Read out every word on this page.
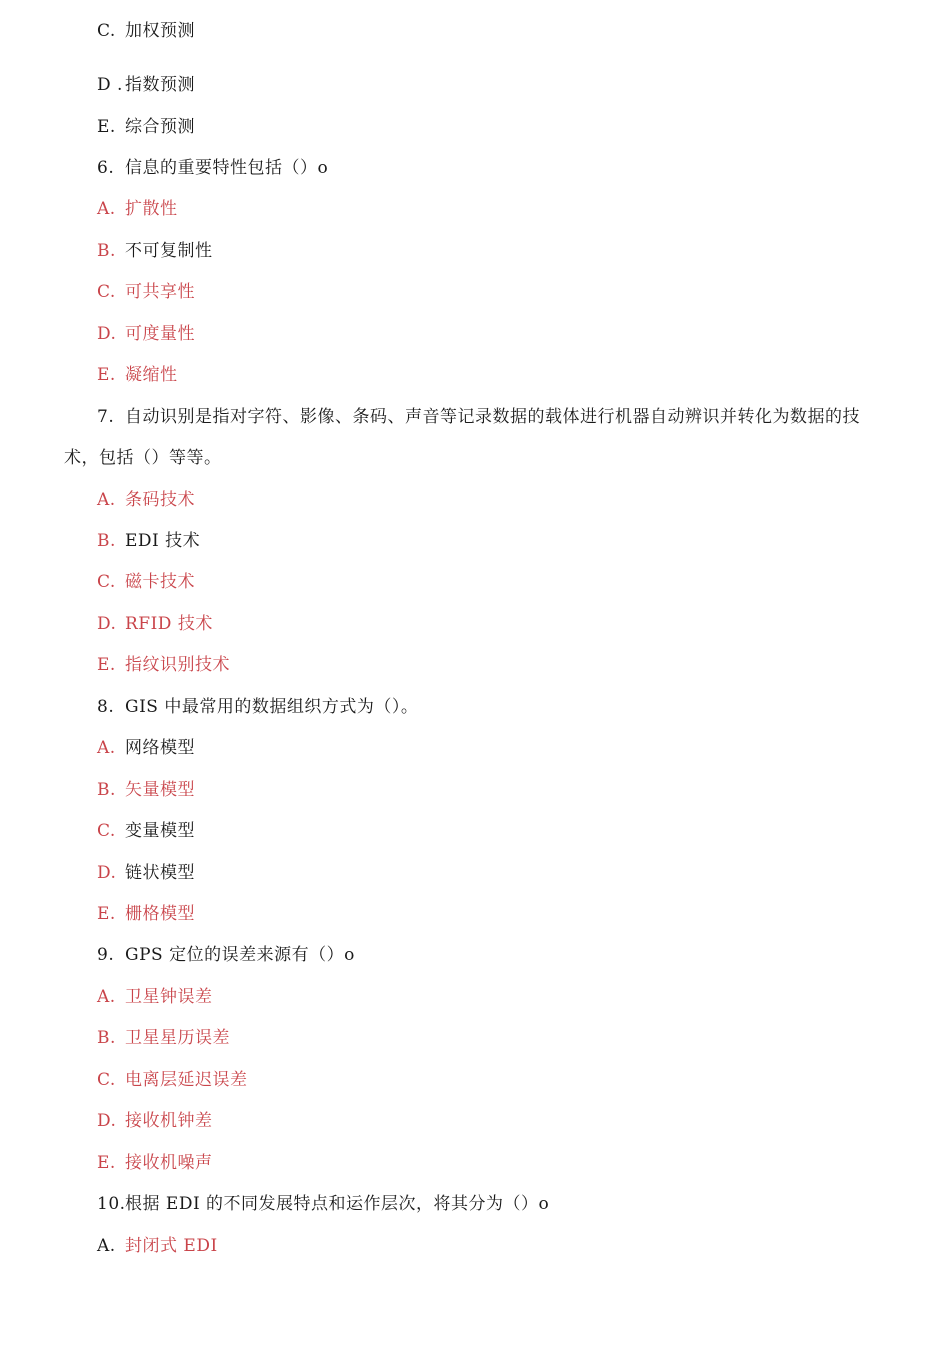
C. 加权预测
D . 指数预测
E. 综合预测
6. 信息的重要特性包括（）o
A. 扩散性
B. 不可复制性
C. 可共享性
D. 可度量性
E. 凝缩性
7. 自动识别是指对字符、影像、条码、声音等记录数据的载体进行机器自动辨识并转化为数据的技
术，包括（）等等。
A. 条码技术
B. EDI 技术
C. 磁卡技术
D. RFID 技术
E. 指纹识别技术
8. GIS 中最常用的数据组织方式为（）。
A. 网络模型
B. 矢量模型
C. 变量模型
D. 链状模型
E. 栅格模型
9. GPS 定位的误差来源有（）o
A. 卫星钟误差
B. 卫星星历误差
C. 电离层延迟误差
D. 接收机钟差
E. 接收机噪声
10.根据 EDI 的不同发展特点和运作层次，将其分为（）o
A. 封闭式 EDI
